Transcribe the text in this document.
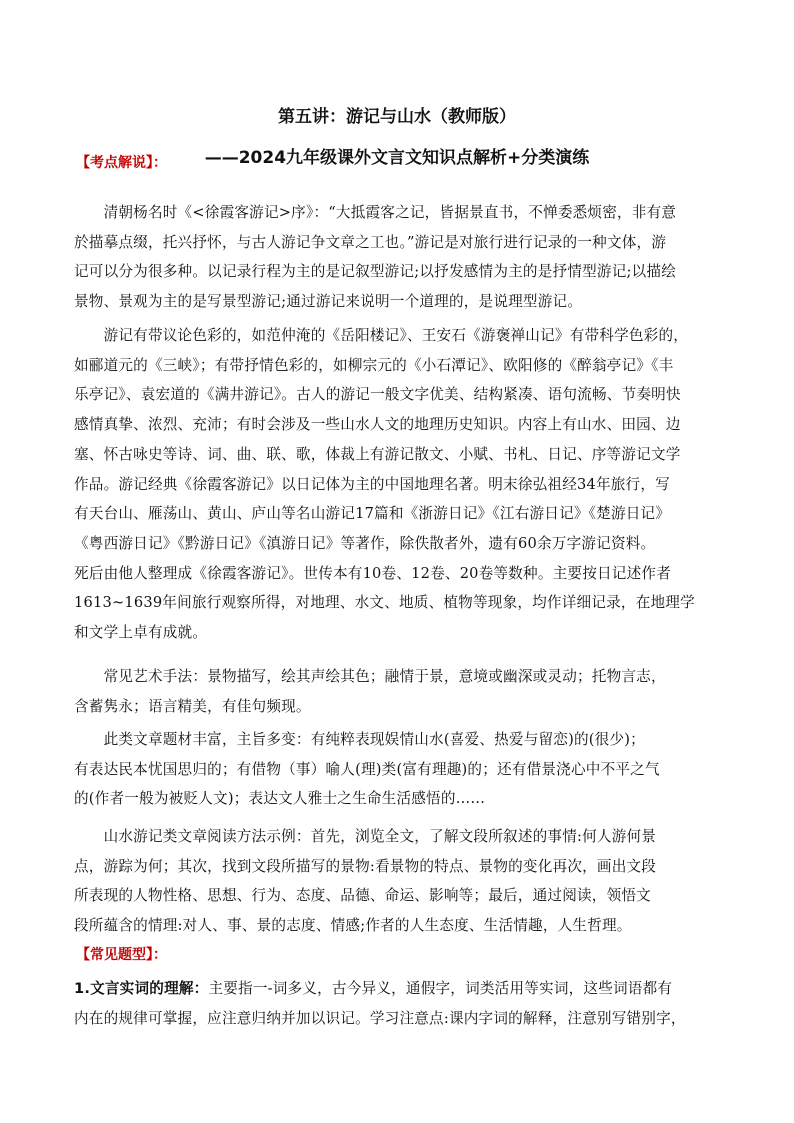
第五讲：游记与山水（教师版）
——2024九年级课外文言文知识点解析+分类演练
【考点解说】：
　　清朝杨名时《<徐霞客游记>序》：“大抵霞客之记，皆据景直书，不惮委悉烦密，非有意
於描摹点缀，托兴抒怀，与古人游记争文章之工也。”游记是对旅行进行记录的一种文体，游
记可以分为很多种。以记录行程为主的是记叙型游记;以抒发感情为主的是抒情型游记;以描绘
景物、景观为主的是写景型游记;通过游记来说明一个道理的，是说理型游记。
　　游记有带议论色彩的，如范仲淹的《岳阳楼记》、王安石《游褒禅山记》有带科学色彩的，
如郦道元的《三峡》；有带抒情色彩的，如柳宗元的《小石潭记》、欧阳修的《醉翁亭记》《丰
乐亭记》、袁宏道的《满井游记》。古人的游记一般文字优美、结构紧凑、语句流畅、节奏明快
感情真挚、浓烈、充沛；有时会涉及一些山水人文的地理历史知识。内容上有山水、田园、边
塞、怀古咏史等诗、词、曲、联、歌，体裁上有游记散文、小赋、书札、日记、序等游记文学
作品。游记经典《徐霞客游记》以日记体为主的中国地理名著。明末徐弘祖经34年旅行，写
有天台山、雁荡山、黄山、庐山等名山游记17篇和《浙游日记》《江右游日记》《楚游日记》
《粤西游日记》《黔游日记》《滇游日记》等著作，除佚散者外，遗有60余万字游记资料。
死后由他人整理成《徐霞客游记》。世传本有10卷、12卷、20卷等数种。主要按日记述作者
1613~1639年间旅行观察所得，对地理、水文、地质、植物等现象，均作详细记录，在地理学
和文学上卓有成就。
　　常见艺术手法：景物描写，绘其声绘其色；融情于景，意境或幽深或灵动；托物言志，
含蓄隽永；语言精美，有佳句频现。
　　此类文章题材丰富，主旨多变：有纯粹表现娱情山水(喜爱、热爱与留恋)的(很少)；
有表达民本忧国思归的；有借物（事）喻人(理)类(富有理趣)的；还有借景浇心中不平之气
的(作者一般为被贬人文)；表达文人雅士之生命生活感悟的……
　　山水游记类文章阅读方法示例：首先，浏览全文，了解文段所叙述的事情:何人游何景
点，游踪为何；其次，找到文段所描写的景物:看景物的特点、景物的变化再次，画出文段
所表现的人物性格、思想、行为、态度、品德、命运、影响等；最后，通过阅读，领悟文
段所蕴含的情理:对人、事、景的志度、情感;作者的人生态度、生活情趣，人生哲理。
【常见题型】：
1.文言实词的理解：主要指一-词多义，古今异义，通假字，词类活用等实词，这些词语都有
内在的规律可掌握，应注意归纳并加以识记。学习注意点:课内字词的解释，注意别写错别字，
